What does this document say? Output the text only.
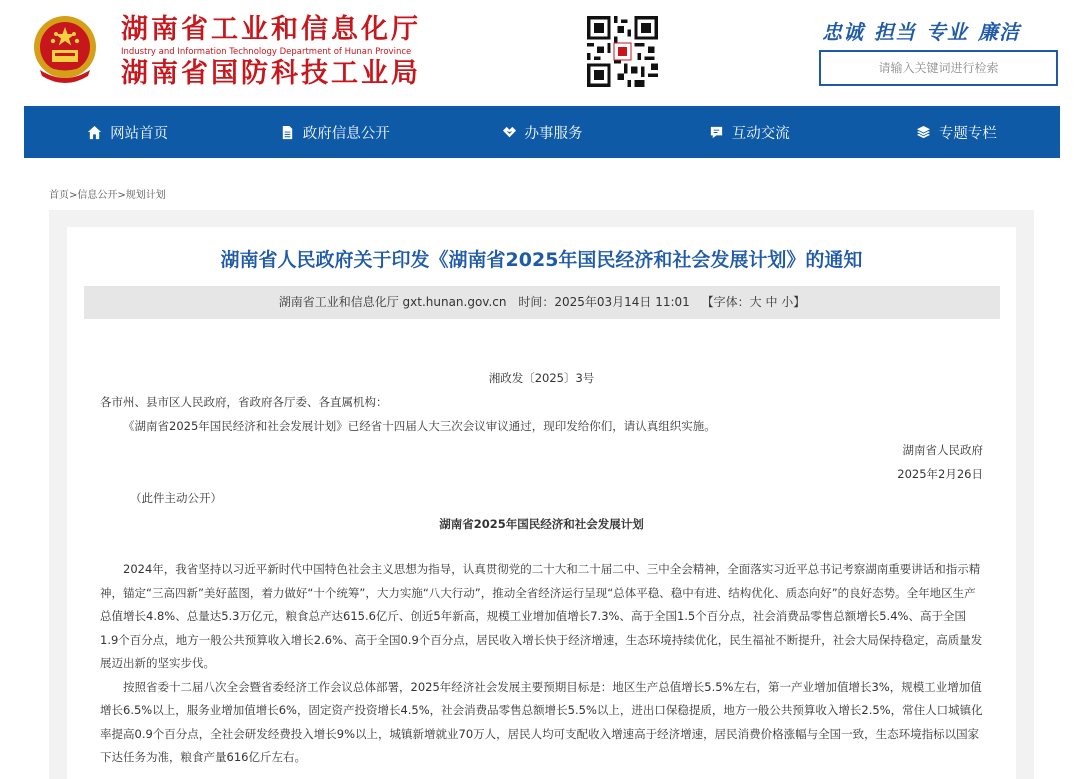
湖南省工业和信息化厅
Industry and Information Technology Department of Hunan Province
湖南省国防科技工业局
忠诚 担当 专业 廉洁
请输入关键词进行检索
网站首页	政府信息公开	办事服务	互动交流	专题专栏
首页>信息公开>规划计划
湖南省人民政府关于印发《湖南省2025年国民经济和社会发展计划》的通知
湖南省工业和信息化厅 gxt.hunan.gov.cn 时间：2025年03月14日 11:01 【字体：大 中 小】
湘政发〔2025〕3号
各市州、县市区人民政府，省政府各厅委、各直属机构：
《湖南省2025年国民经济和社会发展计划》已经省十四届人大三次会议审议通过，现印发给你们，请认真组织实施。
湖南省人民政府
2025年2月26日
（此件主动公开）
湖南省2025年国民经济和社会发展计划

2024年，我省坚持以习近平新时代中国特色社会主义思想为指导，认真贯彻党的二十大和二十届二中、三中全会精神，全面落实习近平总书记考察湖南重要讲话和指示精神，锚定“三高四新”美好蓝图，着力做好“十个统筹”，大力实施“八大行动”，推动全省经济运行呈现“总体平稳、稳中有进、结构优化、质态向好”的良好态势。全年地区生产总值增长4.8%、总量达5.3万亿元，粮食总产达615.6亿斤、创近5年新高，规模工业增加值增长7.3%、高于全国1.5个百分点，社会消费品零售总额增长5.4%、高于全国1.9个百分点，地方一般公共预算收入增长2.6%、高于全国0.9个百分点，居民收入增长快于经济增速，生态环境持续优化，民生福祉不断提升，社会大局保持稳定，高质量发展迈出新的坚实步伐。

按照省委十二届八次全会暨省委经济工作会议总体部署，2025年经济社会发展主要预期目标是：地区生产总值增长5.5%左右，第一产业增加值增长3%，规模工业增加值增长6.5%以上，服务业增加值增长6%，固定资产投资增长4.5%，社会消费品零售总额增长5.5%以上，进出口保稳提质，地方一般公共预算收入增长2.5%，常住人口城镇化率提高0.9个百分点，全社会研发经费投入增长9%以上，城镇新增就业70万人，居民人均可支配收入增速高于经济增速，居民消费价格涨幅与全国一致，生态环境指标以国家下达任务为准，粮食产量616亿斤左右。
